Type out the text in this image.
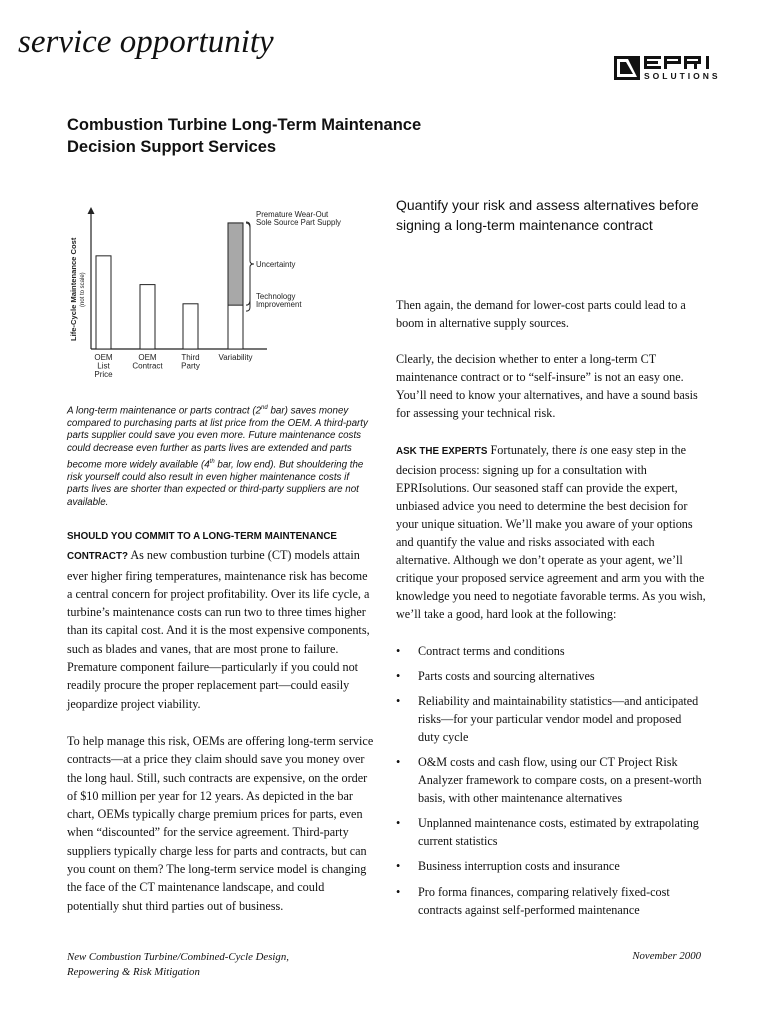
service opportunity
SOLUTIONS
Combustion Turbine Long-Term Maintenance
Decision Support Services
Life-Cycle Maintenance Cost (not to scale)
OEM
List
Price
OEM
Contract
Third
Party
Variability
Premature Wear-Out
Sole Source Part Supply
Uncertainty
Technology
Improvement
A long-term maintenance or parts contract (2nd bar) saves money compared to purchasing parts at list price from the OEM. A third-party parts supplier could save you even more. Future maintenance costs could decrease even further as parts lives are extended and parts become more widely available (4th bar, low end). But shouldering the risk yourself could also result in even higher maintenance costs if parts lives are shorter than expected or third-party suppliers are not available.

SHOULD YOU COMMIT TO A LONG-TERM MAINTENANCE CONTRACT? As new combustion turbine (CT) models attain ever higher firing temperatures, maintenance risk has become a central concern for project profitability. Over its life cycle, a turbine’s maintenance costs can run two to three times higher than its capital cost. And it is the most expensive components, such as blades and vanes, that are most prone to failure. Premature component failure—particularly if you could not readily procure the proper replacement part—could easily jeopardize project viability.

To help manage this risk, OEMs are offering long-term service contracts—at a price they claim should save you money over the long haul. Still, such contracts are expensive, on the order of $10 million per year for 12 years. As depicted in the bar chart, OEMs typically charge premium prices for parts, even when “discounted” for the service agreement. Third-party suppliers typically charge less for parts and contracts, but can you count on them? The long-term service model is changing the face of the CT maintenance landscape, and could potentially shut third parties out of business.

Quantify your risk and assess alternatives before signing a long-term maintenance contract

Then again, the demand for lower-cost parts could lead to a boom in alternative supply sources.

Clearly, the decision whether to enter a long-term CT maintenance contract or to “self-insure” is not an easy one. You’ll need to know your alternatives, and have a sound basis for assessing your technical risk.

ASK THE EXPERTS Fortunately, there is one easy step in the decision process: signing up for a consultation with EPRIsolutions. Our seasoned staff can provide the expert, unbiased advice you need to determine the best decision for your unique situation. We’ll make you aware of your options and quantify the value and risks associated with each alternative. Although we don’t operate as your agent, we’ll critique your proposed service agreement and arm you with the knowledge you need to negotiate favorable terms. As you wish, we’ll take a good, hard look at the following:

• Contract terms and conditions
• Parts costs and sourcing alternatives
• Reliability and maintainability statistics—and anticipated risks—for your particular vendor model and proposed duty cycle
• O&M costs and cash flow, using our CT Project Risk Analyzer framework to compare costs, on a present-worth basis, with other maintenance alternatives
• Unplanned maintenance costs, estimated by extrapolating current statistics
• Business interruption costs and insurance
• Pro forma finances, comparing relatively fixed-cost contracts against self-performed maintenance
New Combustion Turbine/Combined-Cycle Design,
Repowering & Risk Mitigation
November 2000
